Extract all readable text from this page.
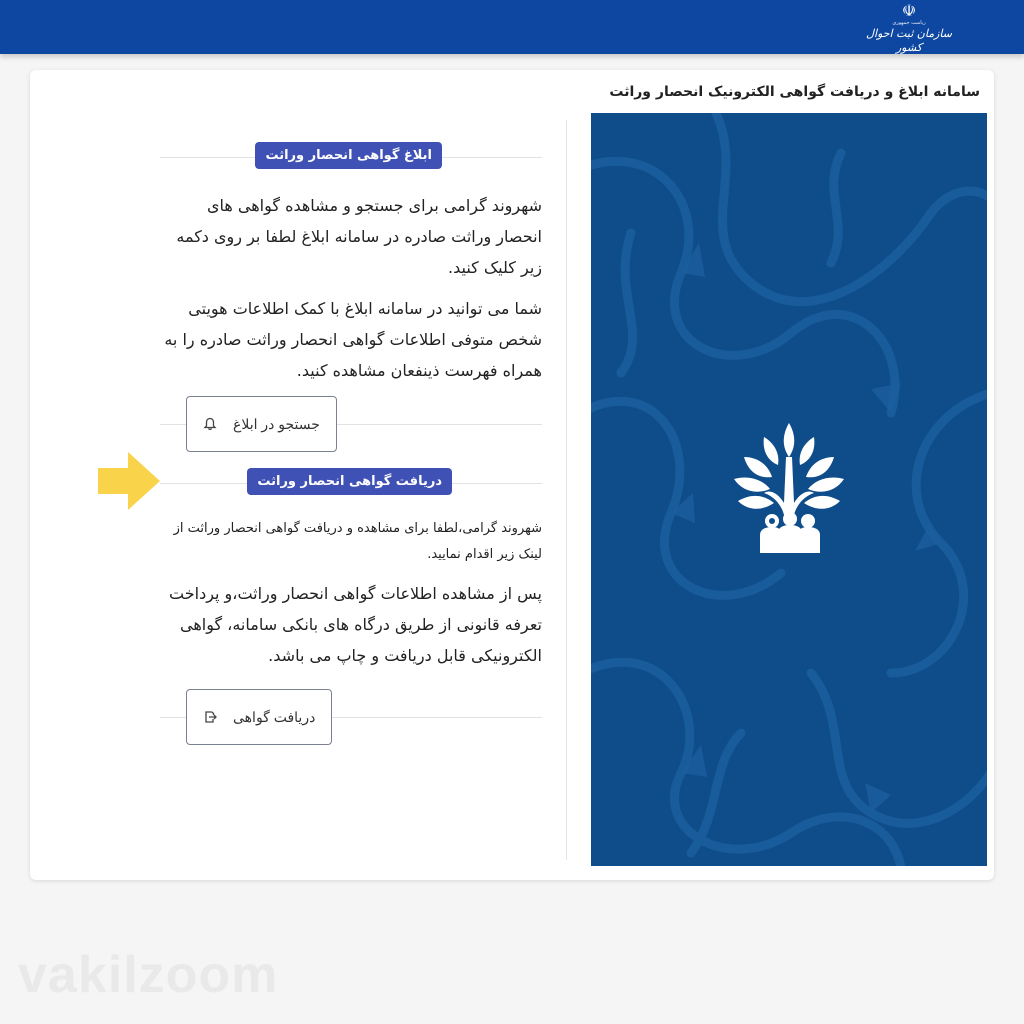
☫
ریاست جمهوری
سازمان ثبت احوال کشور
سامانه ابلاغ و دریافت گواهی الکترونیک انحصار وراثت
ابلاغ گواهی انحصار وراثت

شهروند گرامی برای جستجو و مشاهده گواهی های انحصار وراثت صادره در سامانه ابلاغ لطفا بر روی دکمه زیر کلیک کنید.

شما می توانید در سامانه ابلاغ با کمک اطلاعات هویتی شخص متوفی اطلاعات گواهی انحصار وراثت صادره را به همراه فهرست ذینفعان مشاهده کنید.

جستجو در ابلاغ
دریافت گواهی انحصار وراثت

شهروند گرامی،لطفا برای مشاهده و دریافت گواهی انحصار وراثت از لینک زیر اقدام نمایید.

پس از مشاهده اطلاعات گواهی انحصار وراثت،و پرداخت تعرفه قانونی از طریق درگاه های بانکی سامانه، گواهی الکترونیکی قابل دریافت و چاپ می باشد.

دریافت گواهی
vakilzoom
